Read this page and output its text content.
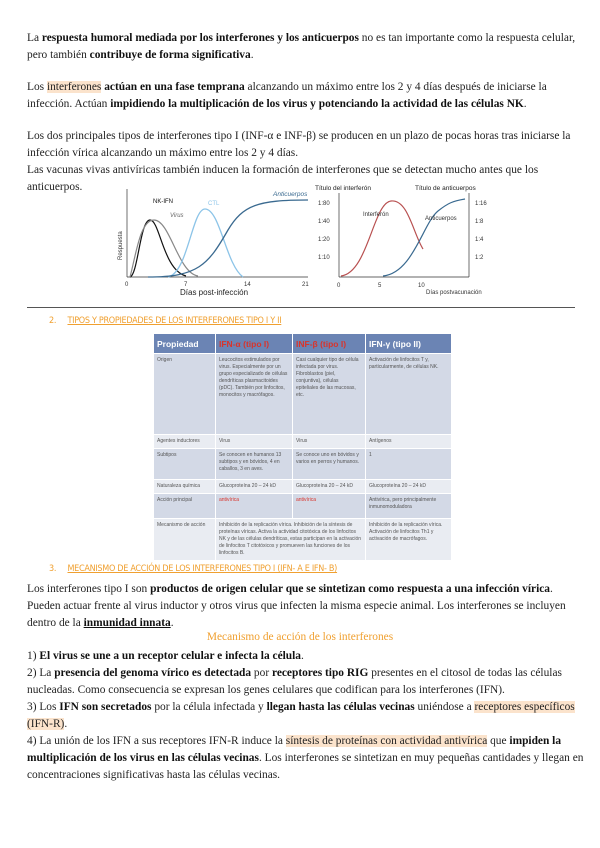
La respuesta humoral mediada por los interferones y los anticuerpos no es tan importante como la respuesta celular, pero también contribuye de forma significativa.
Los interferones actúan en una fase temprana alcanzando un máximo entre los 2 y 4 días después de iniciarse la infección. Actúan impidiendo la multiplicación de los virus y potenciando la actividad de las células NK.
Los dos principales tipos de interferones tipo I (INF-α e INF-β) se producen en un plazo de pocas horas tras iniciarse la infección vírica alcanzando un máximo entre los 2 y 4 días.
Las vacunas vivas antivíricas también inducen la formación de interferones que se detectan mucho antes que los anticuerpos.
NK-IFN
Virus
CTL
Anticuerpos
Respuesta
0	7	14	21
Días post-infección
Título del interferón	Título de anticuerpos
Interferón
Anticuerpos
1:80
1:40
1:20
1:10
1:16
1:8
1:4
1:2
0	5	10
Días postvacunación
2. TIPOS Y PROPIEDADES DE LOS INTERFERONES TIPO I Y II
Propiedad	IFN-α (tipo I)	INF-β (tipo I)	IFN-γ (tipo II)
Origen	Leucocitos estimulados por virus. Especialmente por un grupo especializado de células dendríticas plasmacitoides (pDC). También por linfocitos, monocitos y macrófagos.	Casi cualquier tipo de célula infectada por virus. Fibroblastos (piel, conjuntiva), células epiteliales de las mucosas, etc.	Activación de linfocitos T y, particularmente, de células NK.
Agentes inductores	Virus	Virus	Antígenos
Subtipos	Se conocen en humanos 13 subtipos y en bóvidos, 4 en caballos, 3 en aves.	Se conoce uno en bóvidos y varios en perros y humanos.	1
Naturaleza química	Glucoproteína 20 – 24 kD	Glucoproteína 20 – 24 kD	Glucoproteína 20 – 24 kD
Acción principal	antivírica	antivírica	Antivírica, pero principalmente inmunomoduladora
Mecanismo de acción	Inhibición de la replicación vírica. Inhibición de la síntesis de proteínas víricas. Activa la actividad citotóxica de los linfocitos NK y de las células dendríticas, estas participan en la activación de linfocitos T citotóxicos y promueven las funciones de los linfocitos B.		Inhibición de la replicación vírica. Activación de linfocitos Th1 y activación de macrófagos.
3. MECANISMO DE ACCIÓN DE LOS INTERFERONES TIPO I (IFN- Α E IFN- Β)
Los interferones tipo I son productos de origen celular que se sintetizan como respuesta a una infección vírica. Pueden actuar frente al virus inductor y otros virus que infecten la misma especie animal. Los interferones se incluyen dentro de la inmunidad innata.
Mecanismo de acción de los interferones
1) El virus se une a un receptor celular e infecta la célula.
2) La presencia del genoma vírico es detectada por receptores tipo RIG presentes en el citosol de todas las células nucleadas. Como consecuencia se expresan los genes celulares que codifican para los interferones (IFN).
3) Los IFN son secretados por la célula infectada y llegan hasta las células vecinas uniéndose a receptores específicos (IFN-R).
4) La unión de los IFN a sus receptores IFN-R induce la síntesis de proteínas con actividad antivírica que impiden la multiplicación de los virus en las células vecinas. Los interferones se sintetizan en muy pequeñas cantidades y llegan en concentraciones significativas hasta las células vecinas.
